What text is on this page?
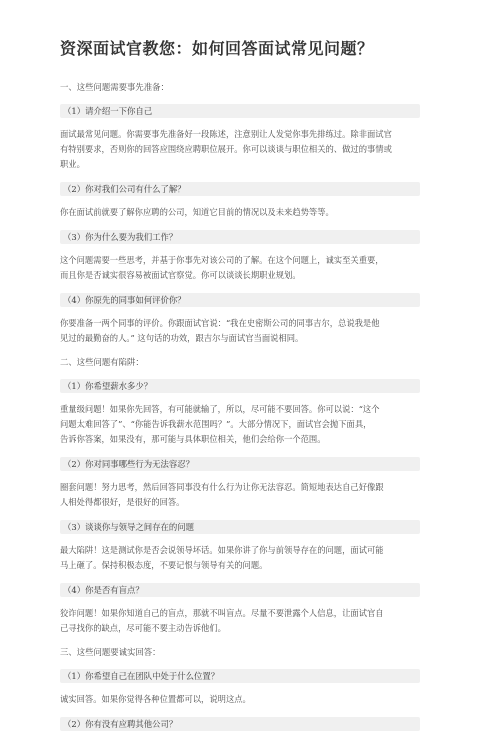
资深面试官教您：如何回答面试常见问题？
一、这些问题需要事先准备：
（1）请介绍一下你自己
面试最常见问题。你需要事先准备好一段陈述，注意别让人发觉你事先排练过。除非面试官
有特别要求，否则你的回答应围绕应聘职位展开。你可以谈谈与职位相关的、做过的事情或
职业。
（2）你对我们公司有什么了解？
你在面试前就要了解你应聘的公司，知道它目前的情况以及未来趋势等等。
（3）你为什么要为我们工作？
这个问题需要一些思考，并基于你事先对该公司的了解。在这个问题上，诚实至关重要，
而且你是否诚实很容易被面试官察觉。你可以谈谈长期职业规划。
（4）你原先的同事如何评价你？
你要准备一两个同事的评价。你跟面试官说：“我在史密斯公司的同事吉尔，总说我是他
见过的最勤奋的人。” 这句话的功效，跟吉尔与面试官当面说相同。
二、这些问题有陷阱：
（1）你希望薪水多少？
重量级问题！如果你先回答，有可能就输了，所以，尽可能不要回答。你可以说：“这个
问题太难回答了”、“你能告诉我薪水范围吗？”。大部分情况下，面试官会抛下面具，
告诉你答案，如果没有，那可能与具体职位相关，他们会给你一个范围。
（2）你对同事哪些行为无法容忍？
圈套问题！努力思考，然后回答同事没有什么行为让你无法容忍。简短地表达自己好像跟
人相处得都很好，是很好的回答。
（3）谈谈你与领导之间存在的问题
最大陷阱！这是测试你是否会说领导坏话。如果你讲了你与前领导存在的问题，面试可能
马上砸了。保持积极态度，不要记恨与领导有关的问题。
（4）你是否有盲点？
狡诈问题！如果你知道自己的盲点，那就不叫盲点。尽量不要泄露个人信息，让面试官自
己寻找你的缺点，尽可能不要主动告诉他们。
三、这些问题要诚实回答：
（1）你希望自己在团队中处于什么位置？
诚实回答。如果你觉得各种位置都可以，说明这点。
（2）你有没有应聘其他公司？
